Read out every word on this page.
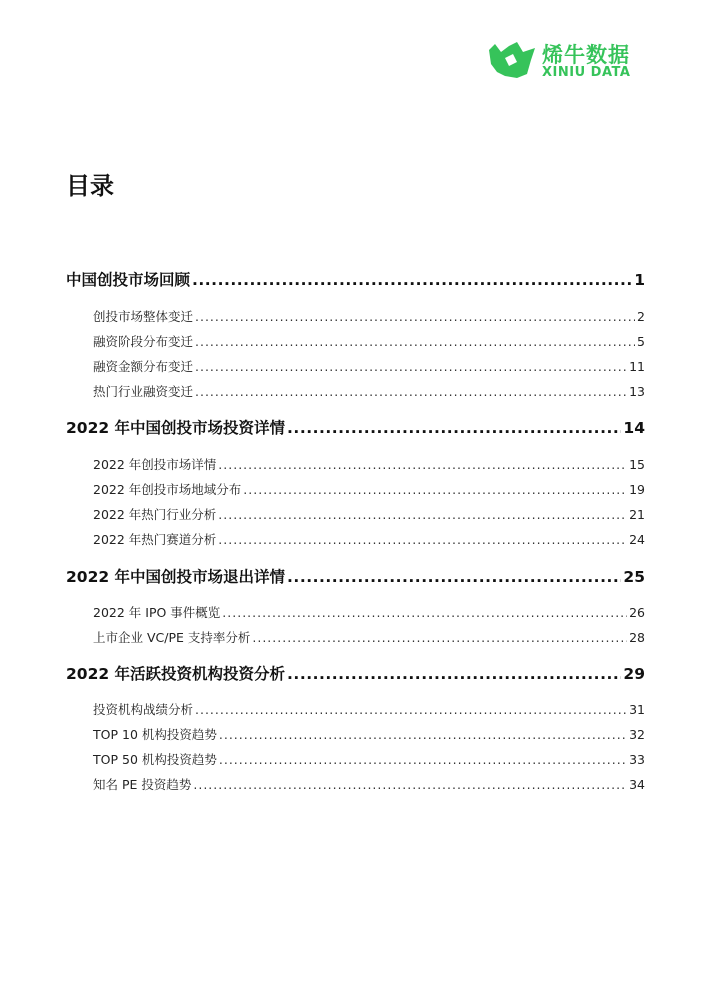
烯牛数据
XINIU DATA
目录
中国创投市场回顾 .....	1
创投市场整体变迁 .....	2
融资阶段分布变迁 .....	5
融资金额分布变迁 .....	11
热门行业融资变迁 .....	13
2022 年中国创投市场投资详情 .....	14
2022 年创投市场详情 .....	15
2022 年创投市场地域分布 .....	19
2022 年热门行业分析 .....	21
2022 年热门赛道分析 .....	24
2022 年中国创投市场退出详情 .....	25
2022 年 IPO 事件概览 .....	26
上市企业 VC/PE 支持率分析 .....	28
2022 年活跃投资机构投资分析 .....	29
投资机构战绩分析 .....	31
TOP 10 机构投资趋势 .....	32
TOP 50 机构投资趋势 .....	33
知名 PE 投资趋势 .....	34
